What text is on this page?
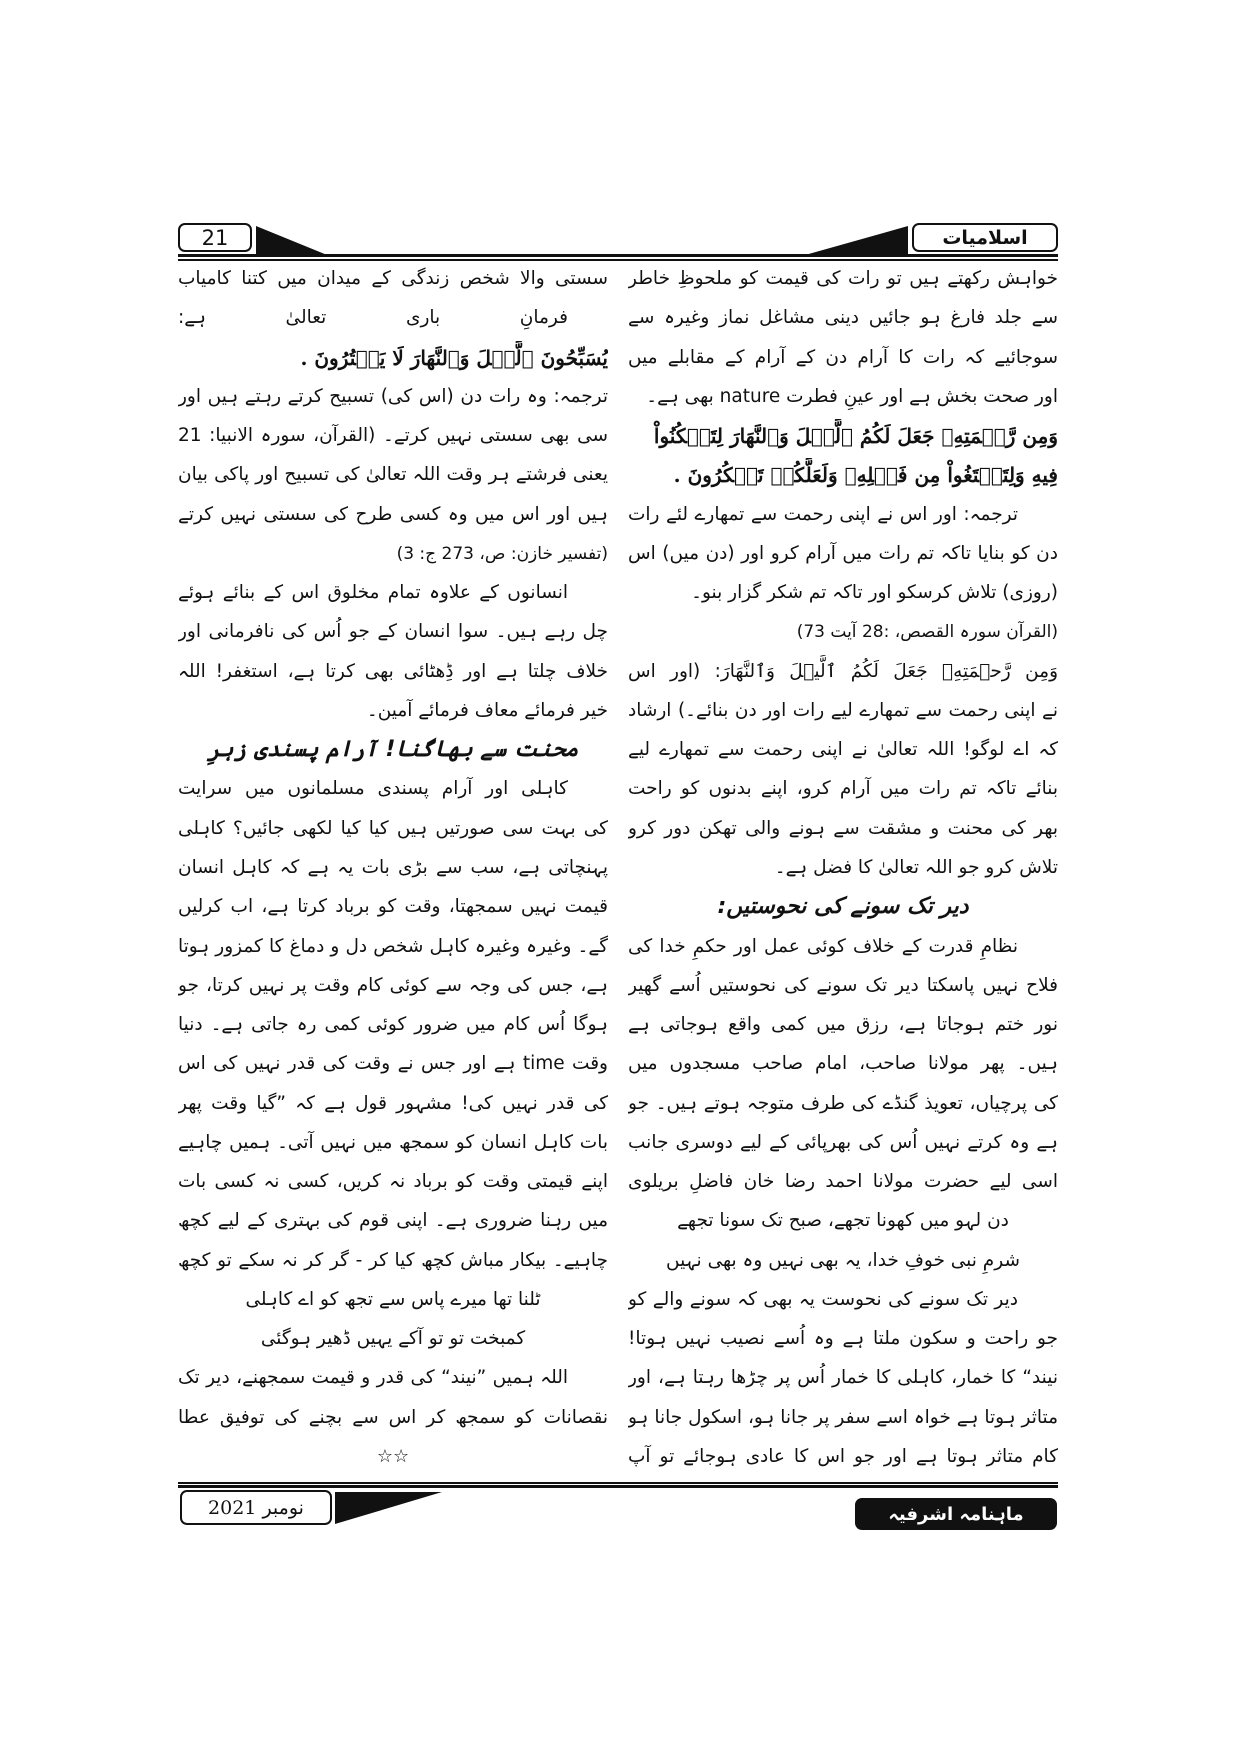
21	اسلامیات
خواہش رکھتے ہیں تو رات کی قیمت کو ملحوظِ خاطر
سے جلد فارغ ہو جائیں دینی مشاغل نماز وغیرہ سے
سوجائیے کہ رات کا آرام دن کے آرام کے مقابلے میں
اور صحت بخش ہے اور عینِ فطرت nature بھی ہے۔
وَمِن رَّحۡمَتِهِۦ جَعَلَ لَكُمُ ٱلَّيۡلَ وَٱلنَّهَارَ لِتَسۡكُنُواْ
فِيهِ وَلِتَبۡتَغُواْ مِن فَضۡلِهِۦ وَلَعَلَّكُمۡ تَشۡكُرُونَ .
ترجمہ: اور اس نے اپنی رحمت سے تمھارے لئے رات
دن کو بنایا تاکہ تم رات میں آرام کرو اور (دن میں) اس
(روزی) تلاش کرسکو اور تاکہ تم شکر گزار بنو۔
(القرآن سورہ القصص، :28 آیت 73)
وَمِن رَّحۡمَتِهِۦ جَعَلَ لَكُمُ ٱلَّيۡلَ وَٱلنَّهَارَ: (اور اس
نے اپنی رحمت سے تمھارے لیے رات اور دن بنائے۔) ارشاد
کہ اے لوگو! اللہ تعالیٰ نے اپنی رحمت سے تمھارے لیے
بنائے تاکہ تم رات میں آرام کرو، اپنے بدنوں کو راحت
بھر کی محنت و مشقت سے ہونے والی تھکن دور کرو
تلاش کرو جو اللہ تعالیٰ کا فضل ہے۔
دیر تک سونے کی نحوستیں:
نظامِ قدرت کے خلاف کوئی عمل اور حکمِ خدا کی
فلاح نہیں پاسکتا دیر تک سونے کی نحوستیں اُسے گھیر
نور ختم ہوجاتا ہے، رزق میں کمی واقع ہوجاتی ہے
ہیں۔ پھر مولانا صاحب، امام صاحب مسجدوں میں
کی پرچیاں، تعویذ گنڈے کی طرف متوجہ ہوتے ہیں۔ جو
ہے وہ کرتے نہیں اُس کی بھرپائی کے لیے دوسری جانب
اسی لیے حضرت مولانا احمد رضا خان فاضلِ بریلوی
دن لہو میں کھونا تجھے، صبح تک سونا تجھے
شرمِ نبی خوفِ خدا، یہ بھی نہیں وہ بھی نہیں
دیر تک سونے کی نحوست یہ بھی کہ سونے والے کو
جو راحت و سکون ملتا ہے وہ اُسے نصیب نہیں ہوتا!
نیند“ کا خمار، کاہلی کا خمار اُس پر چڑھا رہتا ہے، اور
متاثر ہوتا ہے خواہ اسے سفر پر جانا ہو، اسکول جانا ہو
کام متاثر ہوتا ہے اور جو اس کا عادی ہوجائے تو آپ
سستی والا شخص زندگی کے میدان میں کتنا کامیاب
فرمانِ باری تعالیٰ ہے:
يُسَبِّحُونَ ٱلَّيۡلَ وَٱلنَّهَارَ لَا يَفۡتُرُونَ .
ترجمہ: وہ رات دن (اس کی) تسبیح کرتے رہتے ہیں اور
سی بھی سستی نہیں کرتے۔ (القرآن، سورہ الانبیا: 21
یعنی فرشتے ہر وقت اللہ تعالیٰ کی تسبیح اور پاکی بیان
ہیں اور اس میں وہ کسی طرح کی سستی نہیں کرتے
(تفسیر خازن: ص، 273 ج: 3)
انسانوں کے علاوہ تمام مخلوق اس کے بنائے ہوئے
چل رہے ہیں۔ سوا انسان کے جو اُس کی نافرمانی اور
خلاف چلتا ہے اور ڈِھٹائی بھی کرتا ہے، استغفر! اللہ
خیر فرمائے معاف فرمائے آمین۔
محنت سے بھاگنا! آرام پسندی زہرِ
کاہلی اور آرام پسندی مسلمانوں میں سرایت
کی بہت سی صورتیں ہیں کیا کیا لکھی جائیں؟ کاہلی
پہنچاتی ہے، سب سے بڑی بات یہ ہے کہ کاہل انسان
قیمت نہیں سمجھتا، وقت کو برباد کرتا ہے، اب کرلیں
گے۔ وغیرہ وغیرہ کاہل شخص دل و دماغ کا کمزور ہوتا
ہے، جس کی وجہ سے کوئی کام وقت پر نہیں کرتا، جو
ہوگا اُس کام میں ضرور کوئی کمی رہ جاتی ہے۔ دنیا
وقت time ہے اور جس نے وقت کی قدر نہیں کی اس
کی قدر نہیں کی! مشہور قول ہے کہ ”گیا وقت پھر
بات کاہل انسان کو سمجھ میں نہیں آتی۔ ہمیں چاہیے
اپنے قیمتی وقت کو برباد نہ کریں، کسی نہ کسی بات
میں رہنا ضروری ہے۔ اپنی قوم کی بہتری کے لیے کچھ
چاہیے۔ بیکار مباش کچھ کیا کر - گر کر نہ سکے تو کچھ
ٹلنا تھا میرے پاس سے تجھ کو اے کاہلی
کمبخت تو تو آکے یہیں ڈھیر ہوگئی
اللہ ہمیں ”نیند“ کی قدر و قیمت سمجھنے، دیر تک
نقصانات کو سمجھ کر اس سے بچنے کی توفیق عطا
☆☆
نومبر 2021	ماہنامہ اشرفیہ
